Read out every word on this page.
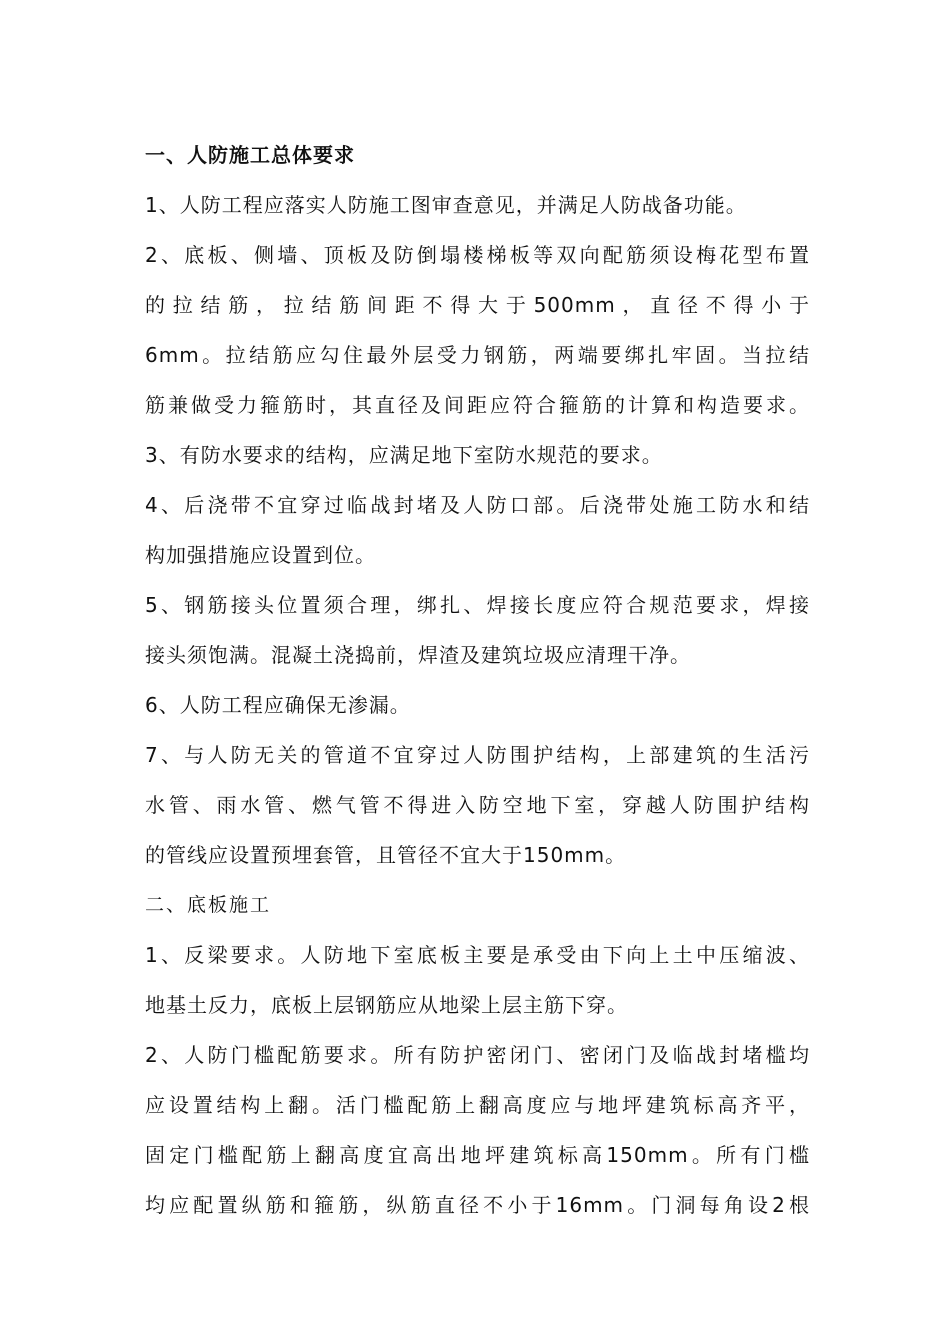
一、人防施工总体要求
1、人防工程应落实人防施工图审查意见，并满足人防战备功能。
2、底板、侧墙、顶板及防倒塌楼梯板等双向配筋须设梅花型布置
的拉结筋，拉结筋间距不得大于500mm，直径不得小于
6mm。拉结筋应勾住最外层受力钢筋，两端要绑扎牢固。当拉结
筋兼做受力箍筋时，其直径及间距应符合箍筋的计算和构造要求。
3、有防水要求的结构，应满足地下室防水规范的要求。
4、后浇带不宜穿过临战封堵及人防口部。后浇带处施工防水和结
构加强措施应设置到位。
5、钢筋接头位置须合理，绑扎、焊接长度应符合规范要求，焊接
接头须饱满。混凝土浇捣前，焊渣及建筑垃圾应清理干净。
6、人防工程应确保无渗漏。
7、与人防无关的管道不宜穿过人防围护结构，上部建筑的生活污
水管、雨水管、燃气管不得进入防空地下室，穿越人防围护结构
的管线应设置预埋套管，且管径不宜大于150mm。
二、底板施工
1、反梁要求。人防地下室底板主要是承受由下向上土中压缩波、
地基土反力，底板上层钢筋应从地梁上层主筋下穿。
2、人防门槛配筋要求。所有防护密闭门、密闭门及临战封堵槛均
应设置结构上翻。活门槛配筋上翻高度应与地坪建筑标高齐平，
固定门槛配筋上翻高度宜高出地坪建筑标高150mm。所有门槛
均应配置纵筋和箍筋，纵筋直径不小于16mm。门洞每角设2根
